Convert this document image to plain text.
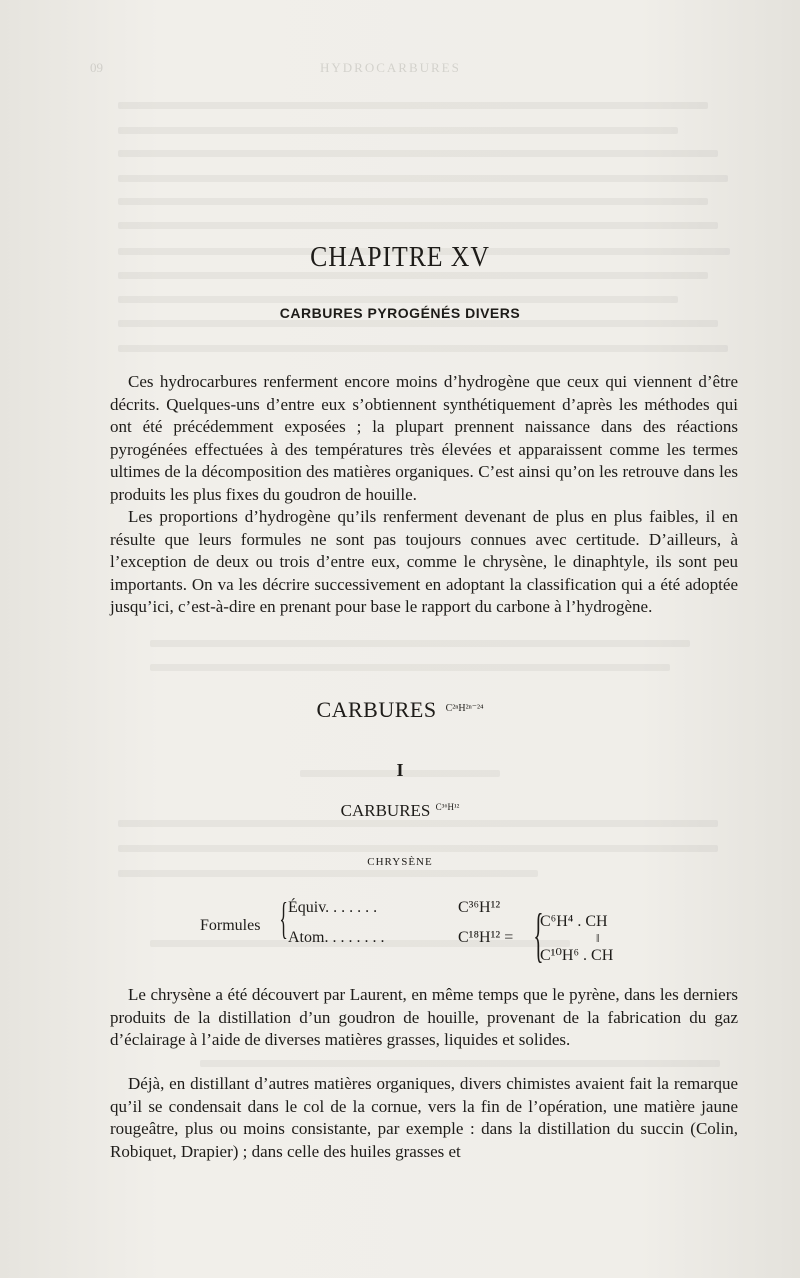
09	HYDROCARBURES
CHAPITRE XV
CARBURES PYROGÉNÉS DIVERS

Ces hydrocarbures renferment encore moins d’hydrogène que ceux qui viennent d’être décrits. Quelques-uns d’entre eux s’obtiennent synthétiquement d’après les méthodes qui ont été précédemment exposées ; la plupart prennent naissance dans des réactions pyrogénées effectuées à des températures très élevées et apparaissent comme les termes ultimes de la décomposition des matières organiques. C’est ainsi qu’on les retrouve dans les produits les plus fixes du goudron de houille.

Les proportions d’hydrogène qu’ils renferment devenant de plus en plus faibles, il en résulte que leurs formules ne sont pas toujours connues avec certitude. D’ailleurs, à l’exception de deux ou trois d’entre eux, comme le chrysène, le dinaphtyle, ils sont peu importants. On va les décrire successivement en adoptant la classification qui a été adoptée jusqu’ici, c’est-à-dire en prenant pour base le rapport du carbone à l’hydrogène.

CARBURES $^{C^{2n}H^{2n-24}}$
I
CARBURES $^{C^{36}H^{12}}$
CHRYSÈNE
Formules { Équiv. . . . . . .	C³⁶H¹²
Atom. . . . . . . .	C¹⁸H¹² = {
C⁶H⁴ . CH
‖
C¹⁰H⁶ . CH

Le chrysène a été découvert par Laurent, en même temps que le pyrène, dans les derniers produits de la distillation d’un goudron de houille, provenant de la fabrication du gaz d’éclairage à l’aide de diverses matières grasses, liquides et solides.

Déjà, en distillant d’autres matières organiques, divers chimistes avaient fait la remarque qu’il se condensait dans le col de la cornue, vers la fin de l’opération, une matière jaune rougeâtre, plus ou moins consistante, par exemple : dans la distillation du succin (Colin, Robiquet, Drapier) ; dans celle des huiles grasses et
